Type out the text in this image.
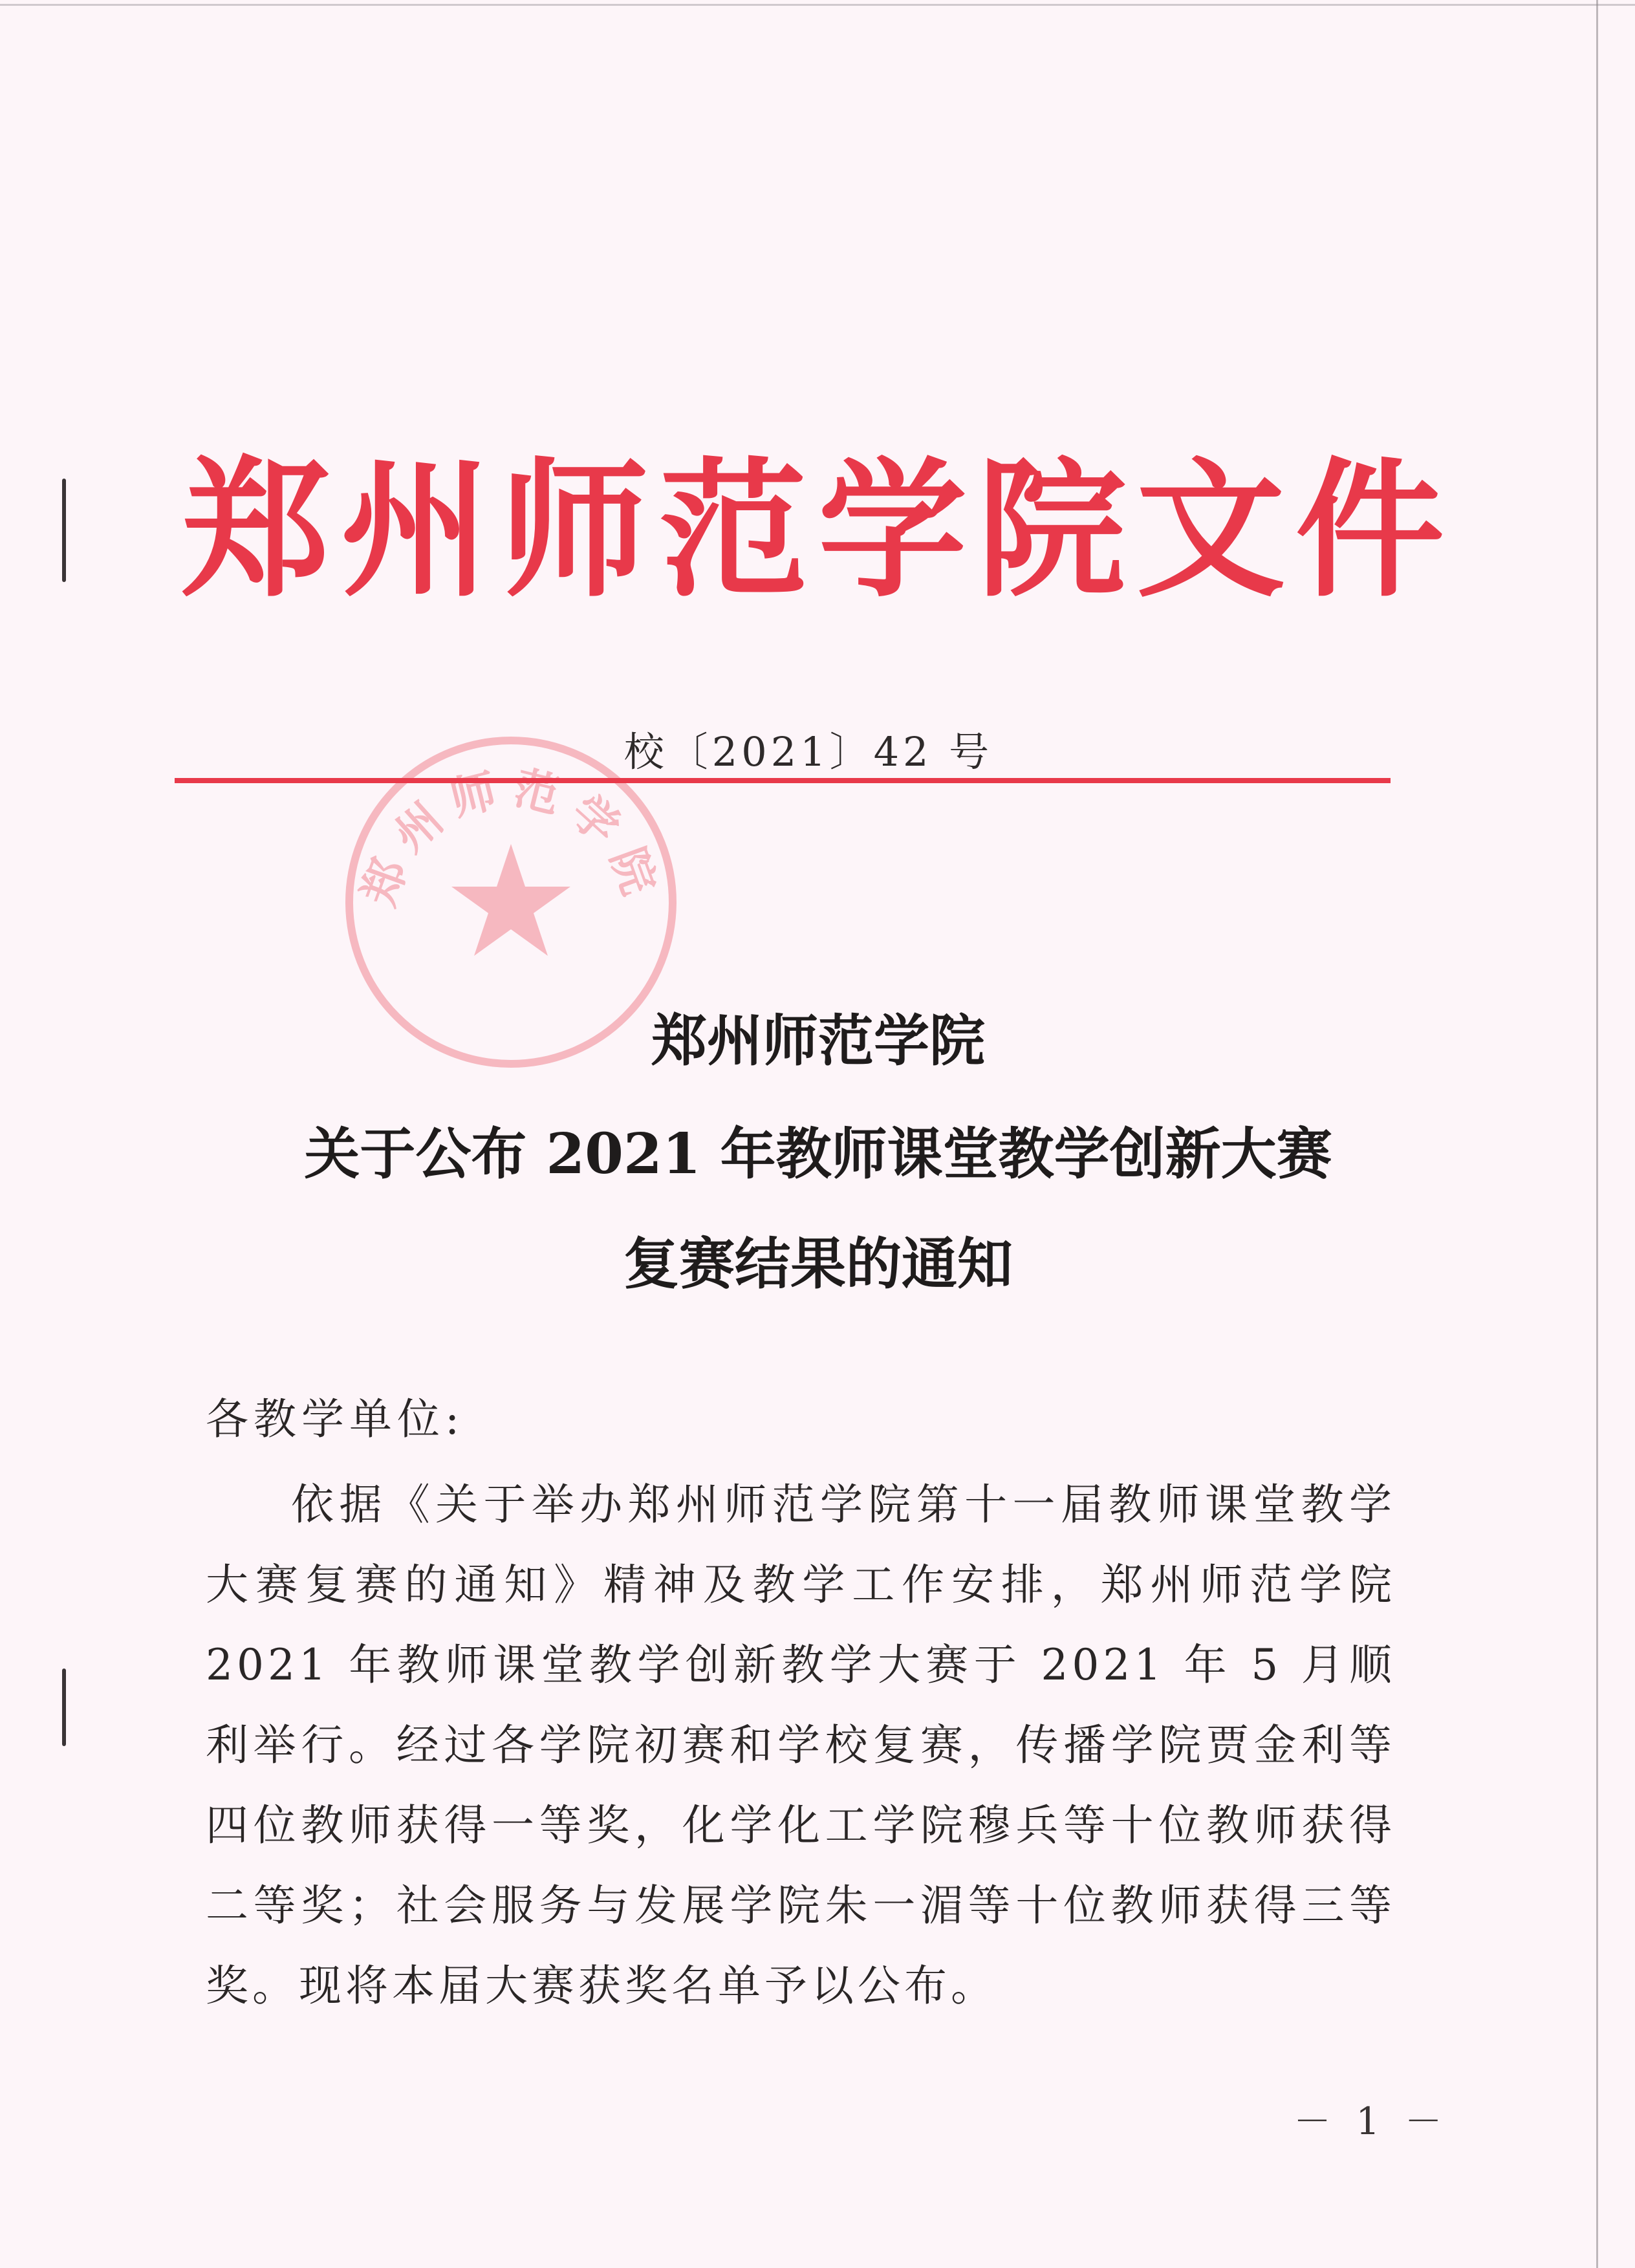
郑州师范学院文件
校〔2021〕42 号
郑州师范学院
郑州师范学院
关于公布 2021 年教师课堂教学创新大赛
复赛结果的通知
各教学单位:
依据《关于举办郑州师范学院第十一届教师课堂教学大赛复赛的通知》精神及教学工作安排，郑州师范学院 2021 年教师课堂教学创新教学大赛于 2021 年 5 月顺利举行。经过各学院初赛和学校复赛，传播学院贾金利等四位教师获得一等奖，化学化工学院穆兵等十位教师获得二等奖；社会服务与发展学院朱一湄等十位教师获得三等奖。现将本届大赛获奖名单予以公布。
－ 1 －
